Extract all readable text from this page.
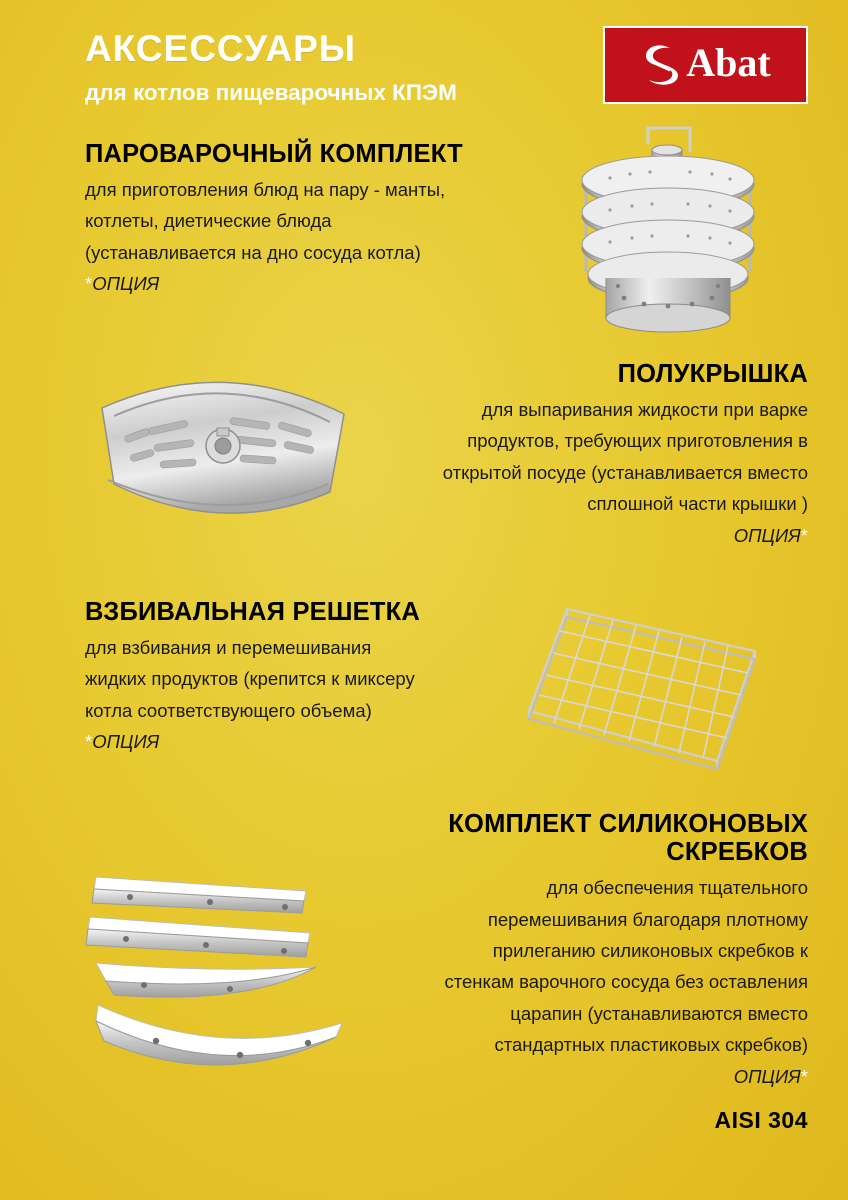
АКСЕССУАРЫ
для котлов пищеварочных КПЭМ
Abat
ПАРОВАРОЧНЫЙ КОМПЛЕКТ

для приготовления блюд на пару - манты,

котлеты, диетические блюда

(устанавливается на дно сосуда котла)

*ОПЦИЯ

ПОЛУКРЫШКА

для выпаривания жидкости при варке

продуктов, требующих приготовления в

открытой посуде (устанавливается вместо

сплошной части крышки )

ОПЦИЯ*

ВЗБИВАЛЬНАЯ РЕШЕТКА

для взбивания и перемешивания

жидких продуктов (крепится к миксеру

котла соответствующего объема)

*ОПЦИЯ

КОМПЛЕКТ СИЛИКОНОВЫХ СКРЕБКОВ

для обеспечения тщательного

перемешивания благодаря плотному

прилеганию силиконовых скребков к

стенкам варочного сосуда без оставления

царапин (устанавливаются вместо

стандартных пластиковых скребков)

ОПЦИЯ*

AISI 304
